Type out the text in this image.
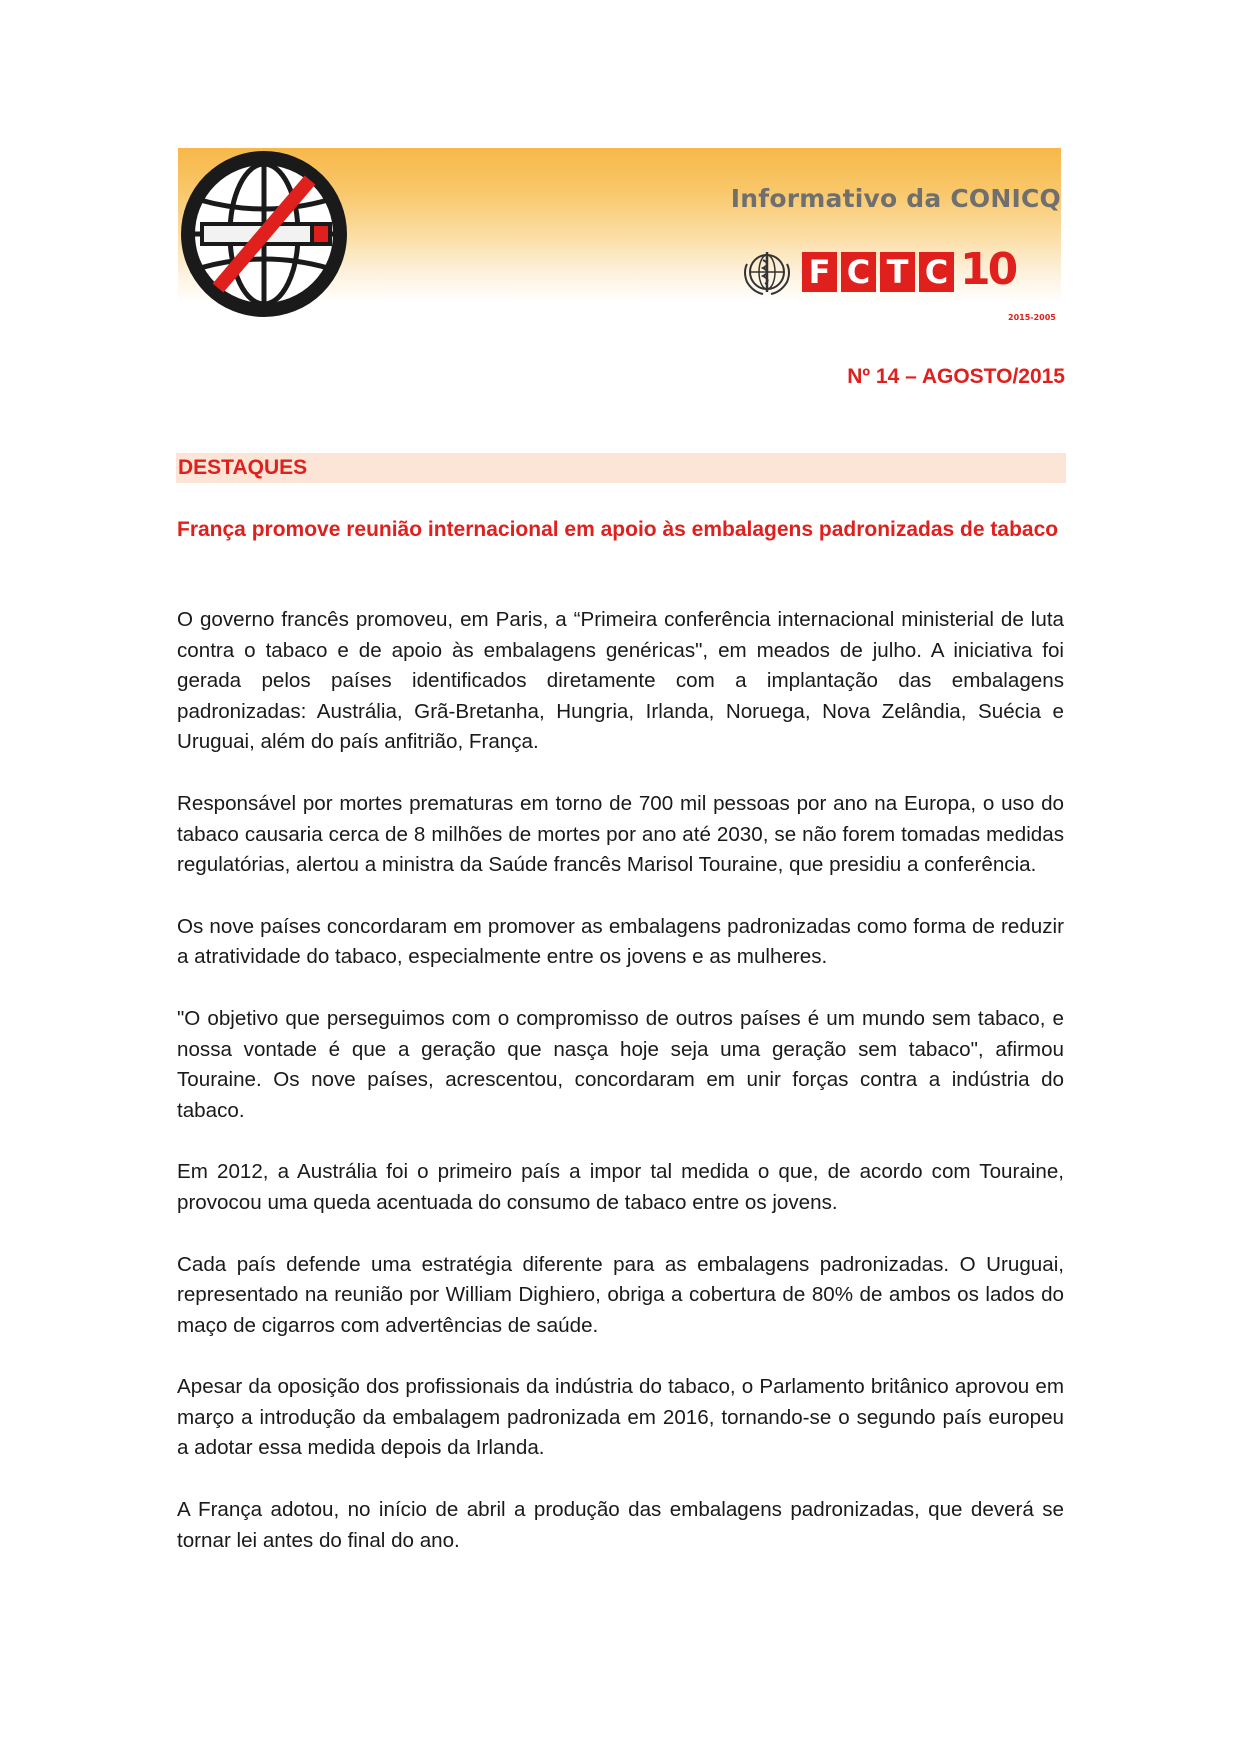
Informativo da CONICQ
F C T C 10
2015-2005
Nº 14 – AGOSTO/2015
DESTAQUES
França promove reunião internacional em apoio às embalagens padronizadas de tabaco

O governo francês promoveu, em Paris, a “Primeira conferência internacional ministerial de luta contra o tabaco e de apoio às embalagens genéricas", em meados de julho. A iniciativa foi gerada pelos países identificados diretamente com a implantação das embalagens padronizadas: Austrália, Grã-Bretanha, Hungria, Irlanda, Noruega, Nova Zelândia, Suécia e Uruguai, além do país anfitrião, França.

Responsável por mortes prematuras em torno de 700 mil pessoas por ano na Europa, o uso do tabaco causaria cerca de 8 milhões de mortes por ano até 2030, se não forem tomadas medidas regulatórias, alertou a ministra da Saúde francês Marisol Touraine, que presidiu a conferência.

Os nove países concordaram em promover as embalagens padronizadas como forma de reduzir a atratividade do tabaco, especialmente entre os jovens e as mulheres.

"O objetivo que perseguimos com o compromisso de outros países é um mundo sem tabaco, e nossa vontade é que a geração que nasça hoje seja uma geração sem tabaco", afirmou Touraine. Os nove países, acrescentou, concordaram em unir forças contra a indústria do tabaco.

Em 2012, a Austrália foi o primeiro país a impor tal medida o que, de acordo com Touraine, provocou uma queda acentuada do consumo de tabaco entre os jovens.

Cada país defende uma estratégia diferente para as embalagens padronizadas. O Uruguai, representado na reunião por William Dighiero, obriga a cobertura de 80% de ambos os lados do maço de cigarros com advertências de saúde.

Apesar da oposição dos profissionais da indústria do tabaco, o Parlamento britânico aprovou em março a introdução da embalagem padronizada em 2016, tornando-se o segundo país europeu a adotar essa medida depois da Irlanda.

A França adotou, no início de abril a produção das embalagens padronizadas, que deverá se tornar lei antes do final do ano.
